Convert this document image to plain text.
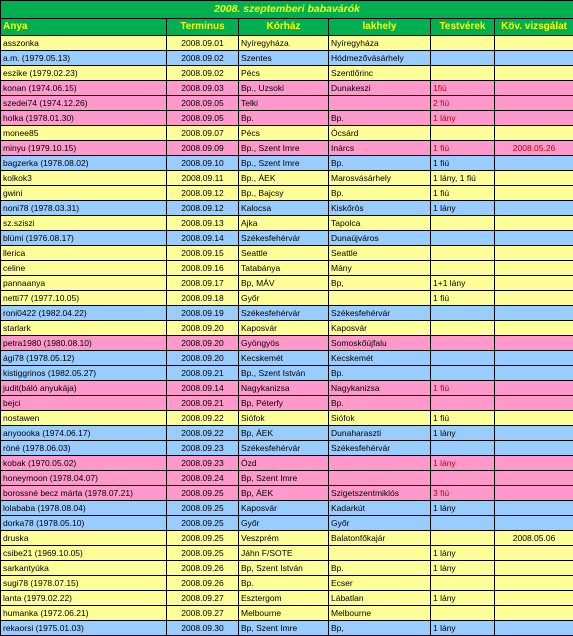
2008. szeptemberi babavárók					
Anya	Terminus	Kórház	lakhely	Testvérek	Köv. vizsgálat
asszonka	2008.09.01	Nyíregyháza	Nyíregyháza		
a.m. (1979.05.13)	2008.09.02	Szentes	Hódmezővásárhely		
eszike (1979.02.23)	2008.09.02	Pécs	Szentlőrinc		
konan (1974.06.15)	2008.09.03	Bp., Uzsoki	Dunakeszi	1fiú	
szedei74 (1974.12.26)	2008.09.05	Telki		2 fiú	
holka (1978.01.30)	2008.09.05	Bp.	Bp.	1 lány	
monee85	2008.09.07	Pécs	Ócsárd		
minyu (1979.10.15)	2008.09.09	Bp., Szent Imre	Inárcs	1 fiú	2008.05.26
bagzerka (1978.08.02)	2008.09.10	Bp., Szent Imre	Bp.	1 fiú	
kolkok3	2008.09.11	Bp., ÁEK	Marosvásárhely	1 lány, 1 fiú	
gwini	2008.09.12	Bp., Bajcsy	Bp.	1 fiú	
noni78 (1978.03.31)	2008.09.12	Kalocsa	Kiskőrös	1 lány	
sz.sziszi	2008.09.13	Ajka	Tapolca		
blümi (1976.08.17)	2008.09.14	Székesfehérvár	Dunaújváros		
llerica	2008.09.15	Seattle	Seattle		
celine	2008.09.16	Tatabánya	Mány		
pannaanya	2008.09.17	Bp, MÁV	Bp,	1+1 lány	
netti77 (1977.10.05)	2008.09.18	Győr		1 fiú	
roni0422 (1982.04.22)	2008.09.19	Székesfehérvár	Székesfehérvár		
starlark	2008.09.20	Kaposvár	Kaposvár		
petra1980 (1980.08.10)	2008.09.20	Gyöngyös	Somoskőújfalu		
ági78 (1978.05.12)	2008.09.20	Kecskemét	Kecskemét		
kistiggrinos (1982.05.27)	2008.09.21	Bp., Szent István	Bp.		
judit(báló anyukája)	2008.09.14	Nagykanizsa	Nagykanizsa	1 fiú	
bejci	2008.09.21	Bp, Péterfy	Bp.		
nostawen	2008.09.22	Siófok	Siófok	1 fiú	
anyoooka (1974.06.17)	2008.09.22	Bp, ÁEK	Dunaharaszti	1 lány	
röné (1978.06.03)	2008.09.23	Székesfehérvár	Székesfehérvár		
kobak (1970.05.02)	2008.09.23	Ózd		1 lány	
honeymoon (1978.04.07)	2008.09.24	Bp, Szent Imre			
borossné becz márta (1978.07.21)	2008.09.25	Bp, ÁEK	Szigetszentmiklós	3 fiú	
lolababa (1978.08.04)	2008.09.25	Kaposvár	Kadarkút	1 lány	
dorka78 (1978.05.10)	2008.09.25	Győr	Győr		
druska	2008.09.25	Veszprém	Balatonfőkajár		2008.05.06
csibe21 (1969.10.05)	2008.09.25	Jáhn F/SOTE		1 lány	
sarkantyúka	2008.09.26	Bp, Szent István	Bp.	1 lány	
sugi78 (1978.07.15)	2008.09.26	Bp.	Ecser		
lanta (1979.02.22)	2008.09.27	Esztergom	Lábatlan	1 lány	
humanka (1972.06.21)	2008.09.27	Melbourne	Melbourne		
rekaorsi (1975.01.03)	2008.09.30	Bp, Szent Imre	Bp,	1 lány	
